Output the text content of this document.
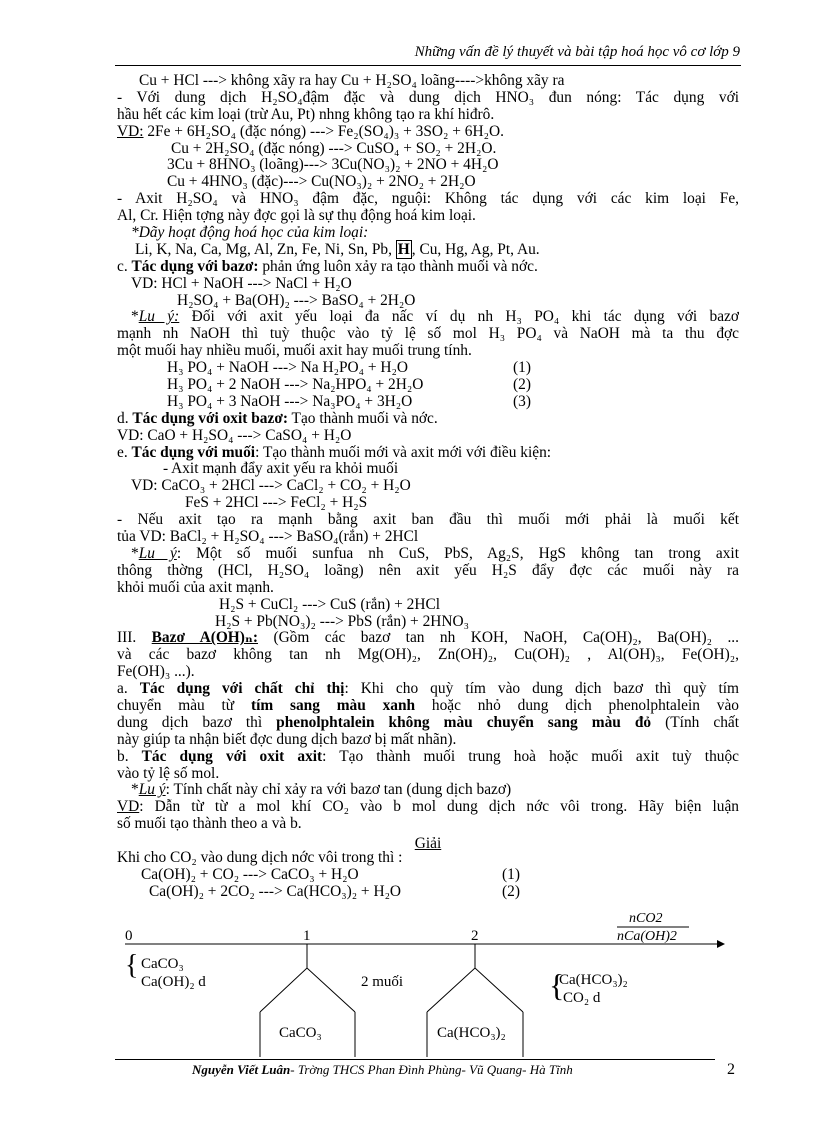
Những vấn đề lý thuyết và bài tập hoá học vô cơ lớp 9
Cu + HCl ---> không xãy ra hay Cu + H₂SO₄ loãng---->không xãy ra
- Với dung dịch H₂SO₄đậm đặc và dung dịch HNO₃ đun nóng: Tác dụng với
hầu hết các kim loại (trừ Au, Pt) nhng không tạo ra khí hiđrô.
VD: 2Fe + 6H₂SO₄ (đặc nóng) ---> Fe₂(SO₄)₃ + 3SO₂ + 6H₂O.
Cu + 2H₂SO₄ (đặc nóng) ---> CuSO₄ + SO₂ + 2H₂O.
3Cu + 8HNO₃ (loãng)---> 3Cu(NO₃)₂ + 2NO + 4H₂O
Cu + 4HNO₃ (đặc)---> Cu(NO₃)₂ + 2NO₂ + 2H₂O
- Axit H₂SO₄ và HNO₃ đậm đặc, nguội: Không tác dụng với các kim loại Fe,
Al, Cr. Hiện tợng này đợc gọi là sự thụ động hoá kim loại.
*Dãy hoạt động hoá học của kim loại:
Li, K, Na, Ca, Mg, Al, Zn, Fe, Ni, Sn, Pb, H , Cu, Hg, Ag, Pt, Au.
c. Tác dụng với bazơ: phản ứng luôn xảy ra tạo thành muối và nớc.
VD: HCl + NaOH ---> NaCl + H₂O
H₂SO₄ + Ba(OH)₂ ---> BaSO₄ + 2H₂O
*Lu ý: Đối với axit yếu loại đa nấc ví dụ nh H₃ PO₄ khi tác dụng với bazơ
mạnh nh NaOH thì tuỳ thuộc vào tỷ lệ số mol H₃ PO₄ và NaOH mà ta thu đợc
một muối hay nhiều muối, muối axit hay muối trung tính.
H₃ PO₄ + NaOH ---> Na H₂PO₄ + H₂O	(1)
H₃ PO₄ + 2 NaOH ---> Na₂HPO₄ + 2H₂O	(2)
H₃ PO₄ + 3 NaOH ---> Na₃PO₄ + 3H₂O	(3)
d. Tác dụng với oxit bazơ: Tạo thành muối và nớc.
VD: CaO + H₂SO₄ ---> CaSO₄ + H₂O
e. Tác dụng với muối: Tạo thành muối mới và axit mới với điều kiện:
- Axit mạnh đẩy axit yếu ra khỏi muối
VD: CaCO₃ + 2HCl ---> CaCl₂ + CO₂ + H₂O
FeS + 2HCl ---> FeCl₂ + H₂S
- Nếu axit tạo ra mạnh bằng axit ban đầu thì muối mới phải là muối kết
tủa VD: BaCl₂ + H₂SO₄ ---> BaSO₄(rắn) + 2HCl
*Lu ý: Một số muối sunfua nh CuS, PbS, Ag₂S, HgS không tan trong axit
thông thờng (HCl, H₂SO₄ loãng) nên axit yếu H₂S đẩy đợc các muối này ra
khỏi muối của axit mạnh.
H₂S + CuCl₂ ---> CuS (rắn) + 2HCl
H₂S + Pb(NO₃)₂ ---> PbS (rắn) + 2HNO₃
III. Bazơ A(OH)ₙ: (Gồm các bazơ tan nh KOH, NaOH, Ca(OH)₂, Ba(OH)₂ ...
và các bazơ không tan nh Mg(OH)₂, Zn(OH)₂, Cu(OH)₂ , Al(OH)₃, Fe(OH)₂,
Fe(OH)₃ ...).
a. Tác dụng với chất chỉ thị: Khi cho quỳ tím vào dung dịch bazơ thì quỳ tím
chuyển màu từ tím sang màu xanh hoặc nhỏ dung dịch phenolphtalein vào
dung dịch bazơ thì phenolphtalein không màu chuyển sang màu đỏ (Tính chất
này giúp ta nhận biết đợc dung dịch bazơ bị mất nhãn).
b. Tác dụng với oxit axit: Tạo thành muối trung hoà hoặc muối axit tuỳ thuộc
vào tỷ lệ số mol.
*Lu ý: Tính chất này chỉ xảy ra với bazơ tan (dung dịch bazơ)
VD: Dẫn từ từ a mol khí CO₂ vào b mol dung dịch nớc vôi trong. Hãy biện luận
số muối tạo thành theo a và b.
Giải
Khi cho CO₂ vào dung dịch nớc vôi trong thì :
Ca(OH)₂ + CO₂ ---> CaCO₃ + H₂O	(1)
Ca(OH)₂ + 2CO₂ ---> Ca(HCO₃)₂ + H₂O	(2)
0	1	2
nCO2
nCa(OH)2
{ CaCO₃
Ca(OH)₂ d	2 muối	{
Ca(HCO₃)₂
CO₂ d
CaCO₃	Ca(HCO₃)₂
Nguyễn Viết Luân- Trờng THCS Phan Đình Phùng- Vũ Quang- Hà Tĩnh	2
